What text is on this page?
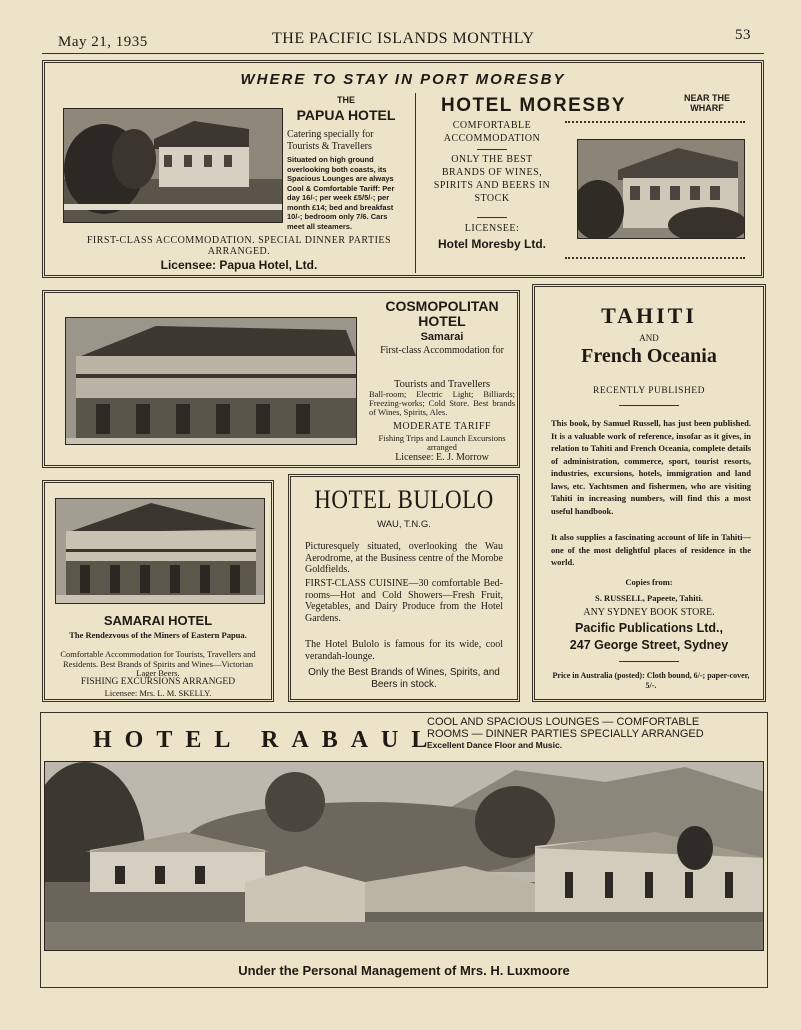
May 21, 1935	THE PACIFIC ISLANDS MONTHLY	53
WHERE TO STAY IN PORT MORESBY
THE
PAPUA HOTEL
Catering specially for Tourists & Travellers
Situated on high ground overlooking both coasts, its Spacious Lounges are always Cool & Comfortable Tariff: Per day 16/-; per week £5/5/-; per month £14; bed and breakfast 10/-; bedroom only 7/6. Cars meet all steamers.
FIRST-CLASS ACCOMMODATION. SPECIAL DINNER PARTIES ARRANGED.
Licensee: Papua Hotel, Ltd.
HOTEL MORESBY	NEAR THE WHARF
COMFORTABLE ACCOMMODATION
ONLY THE BEST BRANDS OF WINES, SPIRITS AND BEERS IN STOCK
LICENSEE:
Hotel Moresby Ltd.
COSMOPOLITAN HOTEL
Samarai
First-class Accommodation for
Tourists and Travellers
Ball-room; Electric Light; Billiards; Freezing-works; Cold Store. Best brands of Wines, Spirits, Ales.
MODERATE TARIFF
Fishing Trips and Launch Excursions arranged
Licensee: E. J. Morrow
TAHITI
AND
French Oceania
RECENTLY PUBLISHED
This book, by Samuel Russell, has just been published. It is a valuable work of reference, insofar as it gives, in relation to Tahiti and French Oceania, complete details of administration, commerce, sport, tourist resorts, industries, excursions, hotels, immigration and land laws, etc. Yachtsmen and fishermen, who are visiting Tahiti in increasing numbers, will find this a most useful handbook.
It also supplies a fascinating account of life in Tahiti—one of the most delightful places of residence in the world.
Copies from:
S. RUSSELL, Papeete, Tahiti.
ANY SYDNEY BOOK STORE.
Pacific Publications Ltd.,
247 George Street, Sydney
Price in Australia (posted): Cloth bound, 6/-; paper-cover, 5/-.
SAMARAI HOTEL
The Rendezvous of the Miners of Eastern Papua.
Comfortable Accommodation for Tourists, Travellers and Residents. Best Brands of Spirits and Wines—Victorian Lager Beers.
FISHING EXCURSIONS ARRANGED
Licensee: Mrs. L. M. SKELLY.
HOTEL BULOLO
WAU, T.N.G.
Picturesquely situated, overlooking the Wau Aerodrome, at the Business centre of the Morobe Goldfields.
FIRST-CLASS CUISINE—30 comfortable Bed-rooms—Hot and Cold Showers—Fresh Fruit, Vegetables, and Dairy Produce from the Hotel Gardens.
The Hotel Bulolo is famous for its wide, cool verandah-lounge.
Only the Best Brands of Wines, Spirits, and Beers in stock.
HOTEL RABAUL
COOL AND SPACIOUS LOUNGES — COMFORTABLE ROOMS — DINNER PARTIES SPECIALLY ARRANGED
Excellent Dance Floor and Music.
Under the Personal Management of Mrs. H. Luxmoore
